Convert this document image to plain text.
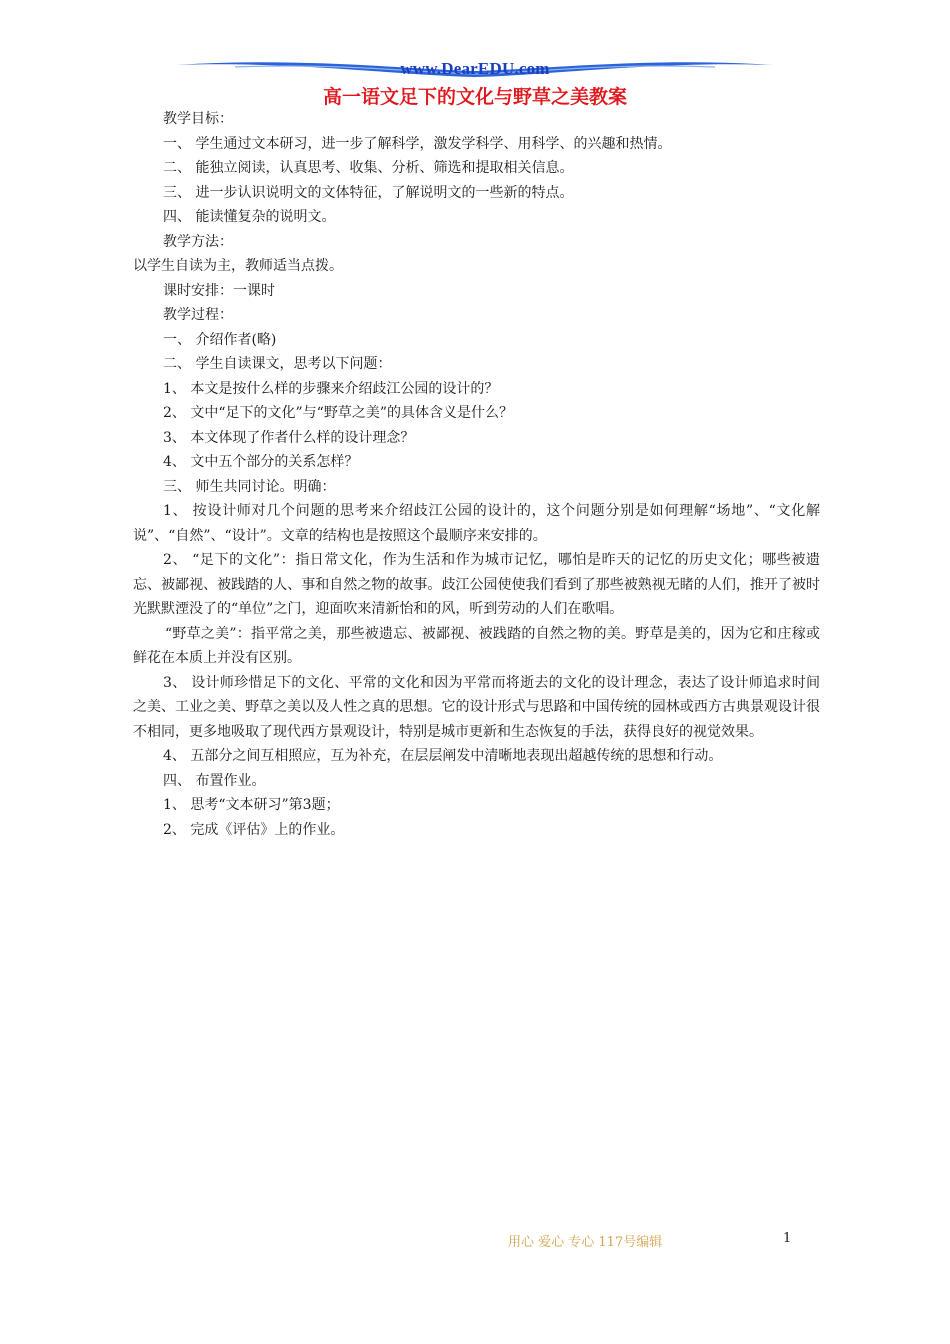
www.DearEDU.com
高一语文足下的文化与野草之美教案

教学目标：

一、 学生通过文本研习，进一步了解科学，激发学科学、用科学、的兴趣和热情。

二、 能独立阅读，认真思考、收集、分析、筛选和提取相关信息。

三、 进一步认识说明文的文体特征，了解说明文的一些新的特点。

四、 能读懂复杂的说明文。

教学方法：

以学生自读为主，教师适当点拨。

课时安排：一课时

教学过程：

一、 介绍作者(略)

二、 学生自读课文，思考以下问题：

1、 本文是按什么样的步骤来介绍歧江公园的设计的？

2、 文中“足下的文化”与“野草之美”的具体含义是什么？

3、 本文体现了作者什么样的设计理念？

4、 文中五个部分的关系怎样？

三、 师生共同讨论。明确：

1、 按设计师对几个问题的思考来介绍歧江公园的设计的，这个问题分别是如何理解“场地”、“文化解说”、“自然”、“设计”。文章的结构也是按照这个最顺序来安排的。

2、 “足下的文化”：指日常文化，作为生活和作为城市记忆，哪怕是昨天的记忆的历史文化；哪些被遗忘、被鄙视、被践踏的人、事和自然之物的故事。歧江公园使使我们看到了那些被熟视无睹的人们，推开了被时光默默湮没了的“单位”之门，迎面吹来清新怡和的风，听到劳动的人们在歌唱。

“野草之美”：指平常之美，那些被遗忘、被鄙视、被践踏的自然之物的美。野草是美的，因为它和庄稼或鲜花在本质上并没有区别。

3、 设计师珍惜足下的文化、平常的文化和因为平常而将逝去的文化的设计理念，表达了设计师追求时间之美、工业之美、野草之美以及人性之真的思想。它的设计形式与思路和中国传统的园林或西方古典景观设计很不相同，更多地吸取了现代西方景观设计，特别是城市更新和生态恢复的手法，获得良好的视觉效果。

4、 五部分之间互相照应，互为补充，在层层阐发中清晰地表现出超越传统的思想和行动。

四、 布置作业。

1、 思考“文本研习”第3题；

2、 完成《评估》上的作业。

用心 爱心 专心 117号编辑	1
